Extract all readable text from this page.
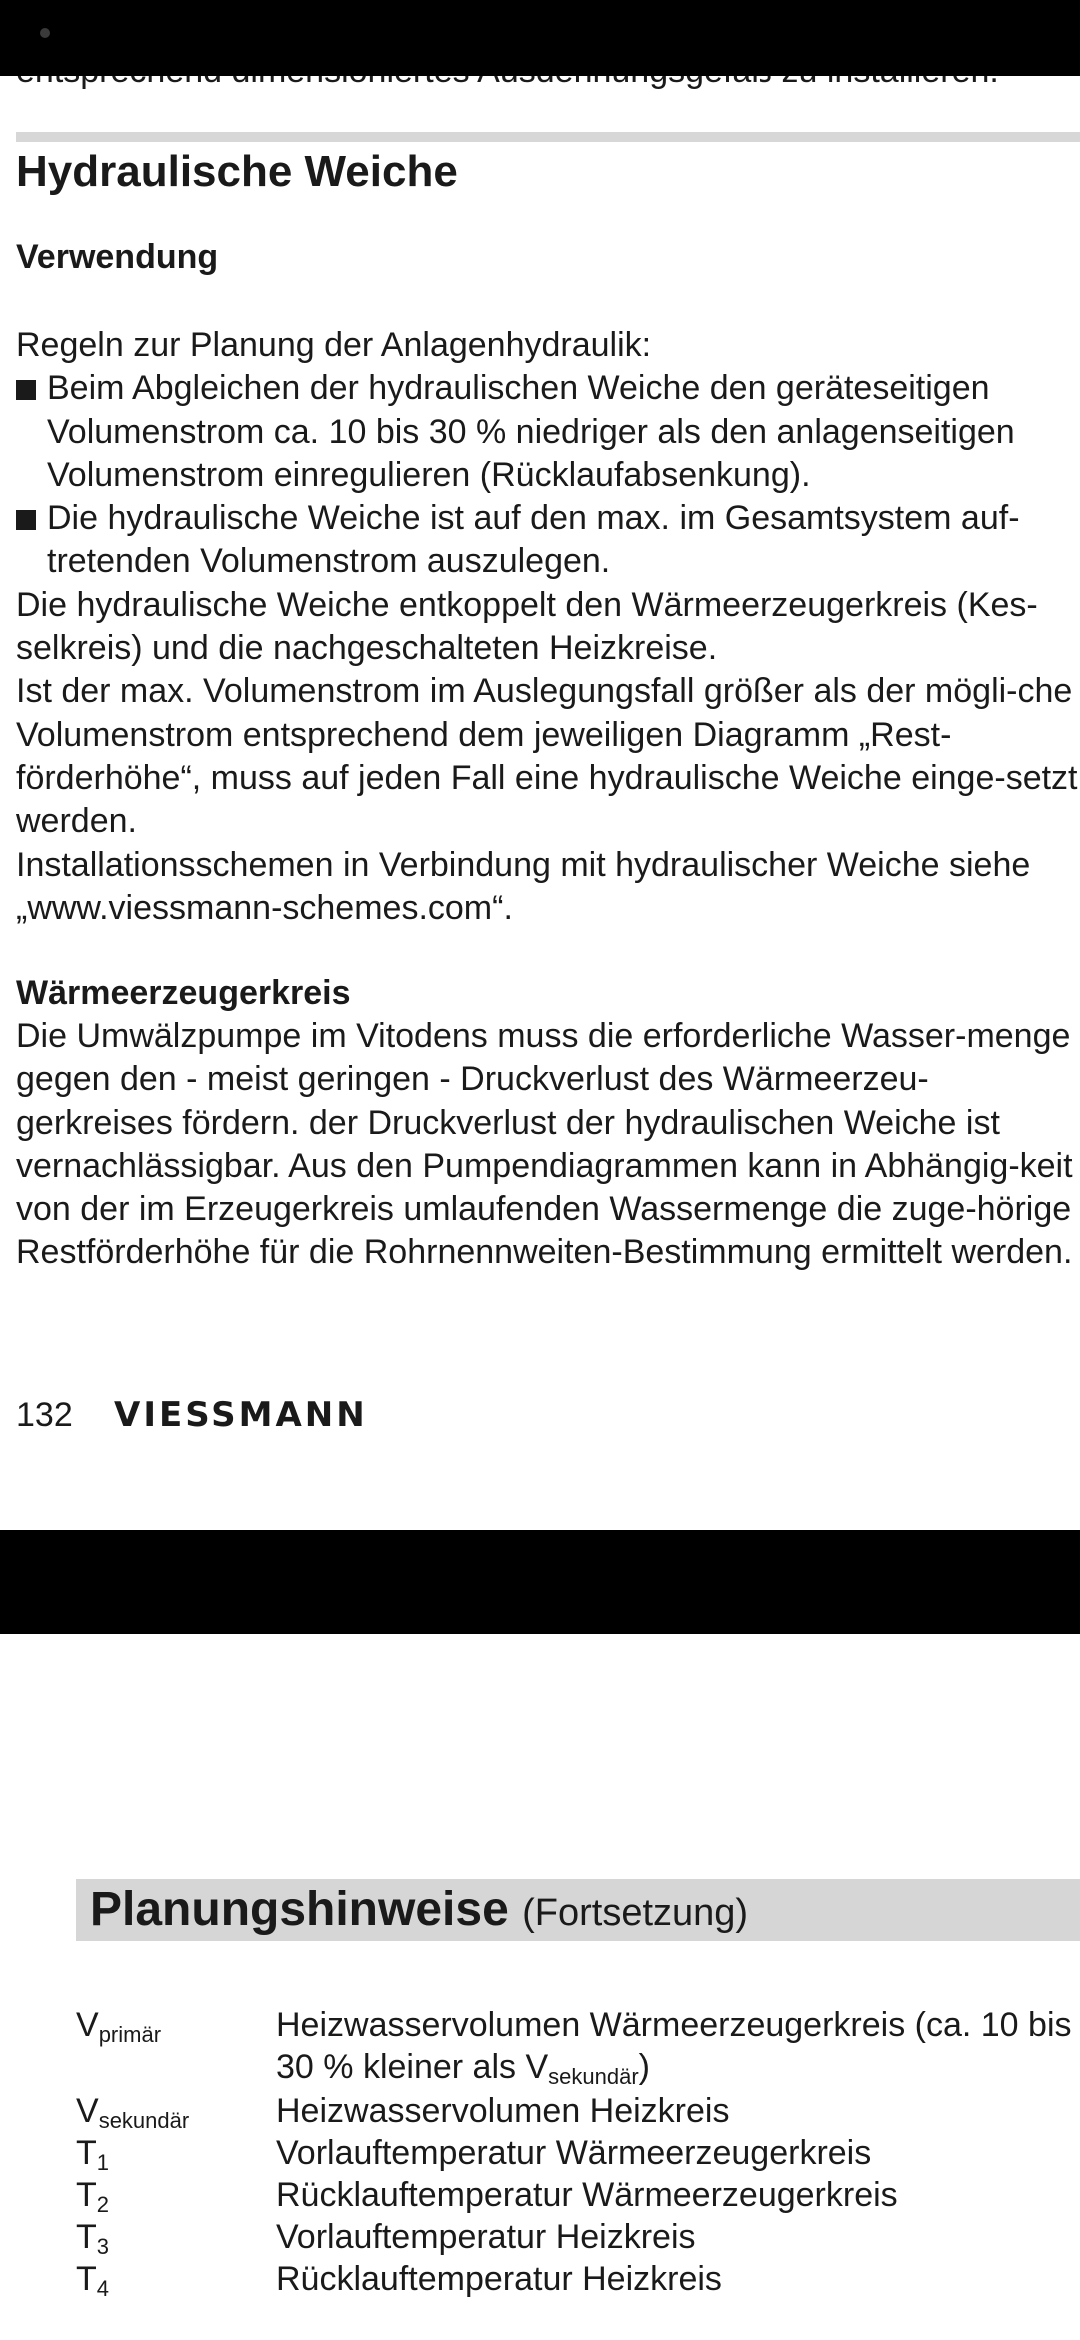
Hydraulische Weiche
Verwendung

Regeln zur Planung der Anlagenhydraulik:

Beim Abgleichen der hydraulischen Weiche den geräteseitigen Volumenstrom ca. 10 bis 30 % niedriger als den anlagenseitigen Volumenstrom einregulieren (Rücklaufabsenkung).

Die hydraulische Weiche ist auf den max. im Gesamtsystem auf-tretenden Volumenstrom auszulegen.

Die hydraulische Weiche entkoppelt den Wärmeerzeugerkreis (Kes-selkreis) und die nachgeschalteten Heizkreise.

Ist der max. Volumenstrom im Auslegungsfall größer als der mögli-che Volumenstrom entsprechend dem jeweiligen Diagramm „Rest-förderhöhe“, muss auf jeden Fall eine hydraulische Weiche einge-setzt werden.

Installationsschemen in Verbindung mit hydraulischer Weiche siehe „www.viessmann-schemes.com“.

Wärmeerzeugerkreis

Die Umwälzpumpe im Vitodens muss die erforderliche Wasser-menge gegen den - meist geringen - Druckverlust des Wärmeerzeu-gerkreises fördern. der Druckverlust der hydraulischen Weiche ist vernachlässigbar. Aus den Pumpendiagrammen kann in Abhängig-keit von der im Erzeugerkreis umlaufenden Wassermenge die zuge-hörige Restförderhöhe für die Rohrnennweiten-Bestimmung ermittelt werden.

132 VIESSMANN
Planungshinweise (Fortsetzung)
$V_{primär}$	Heizwasservolumen Wärmeerzeugerkreis (ca. 10 bis
30 % kleiner als $V_{sekundär}$)
$V_{sekundär}$	Heizwasservolumen Heizkreis
$T_1$	Vorlauftemperatur Wärmeerzeugerkreis
$T_2$	Rücklauftemperatur Wärmeerzeugerkreis
$T_3$	Vorlauftemperatur Heizkreis
$T_4$	Rücklauftemperatur Heizkreis
